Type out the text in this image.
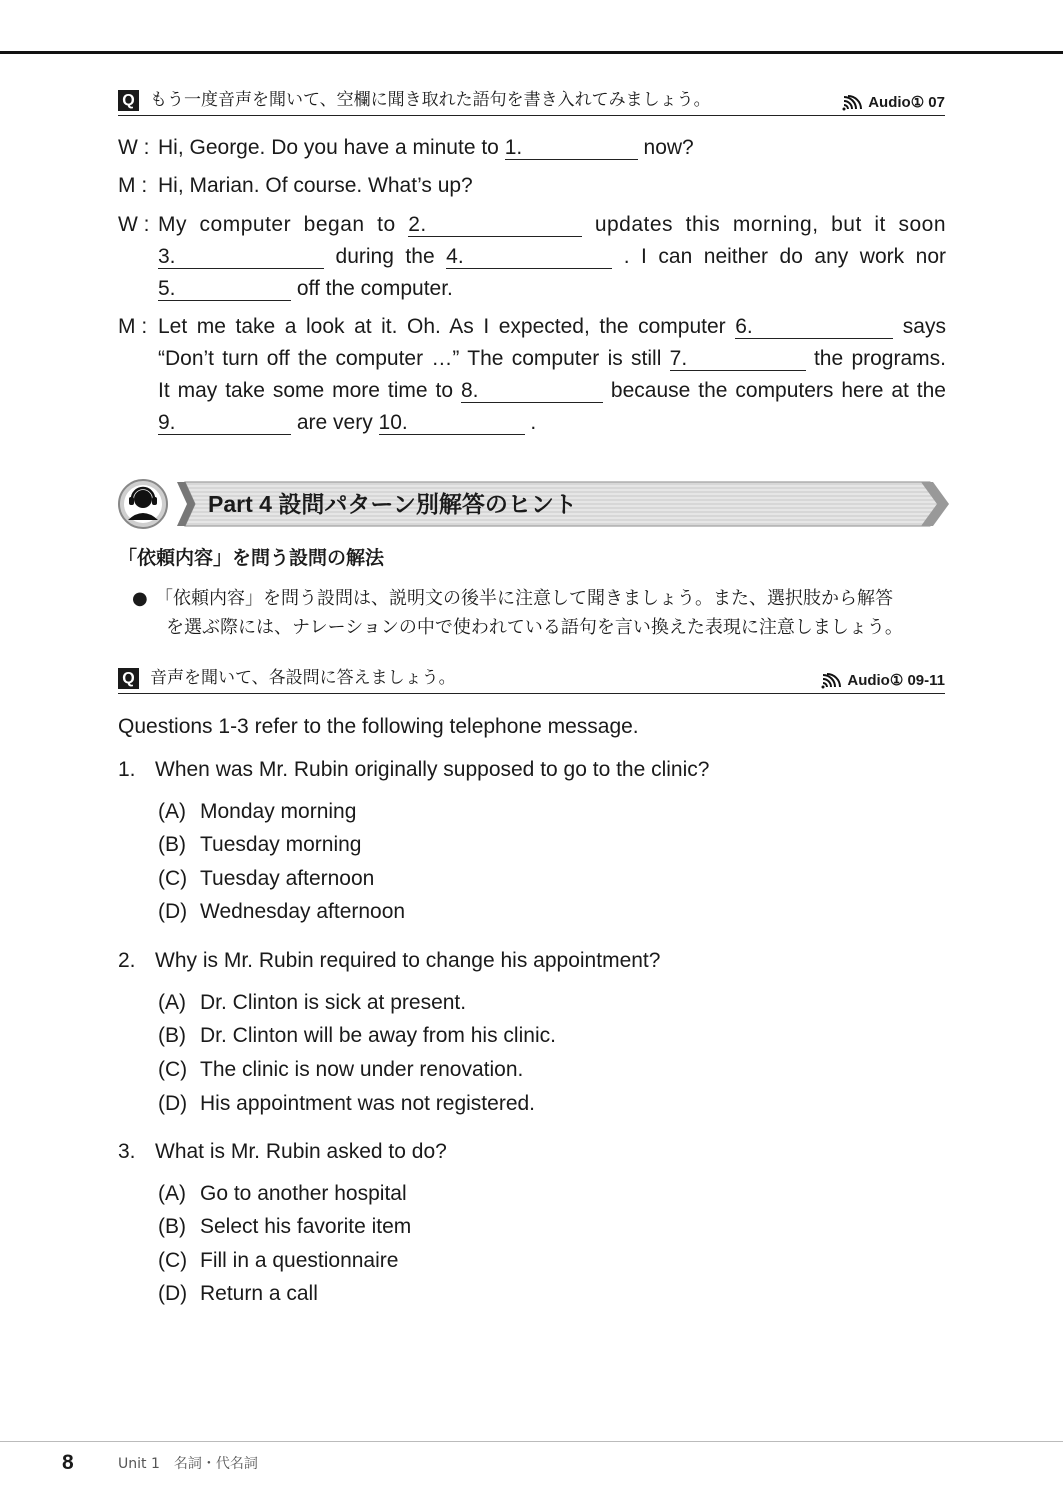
Q もう一度音声を聞いて、空欄に聞き取れた語句を書き入れてみましょう。	Audio① 07
W : Hi, George. Do you have a minute to 1.	now?
M : Hi, Marian. Of course. What’s up?
W : My computer began to 2.	updates this morning, but it soon
3.	during the 4.	. I can neither do any work nor
5.	off the computer.
M : Let me take a look at it. Oh. As I expected, the computer 6.	says
“Don’t turn off the computer …” The computer is still 7.	the programs.
It may take some more time to 8.	because the computers here at the
9.	are very 10.	.
Part 4 設問パターン別解答のヒント
「依頼内容」を問う設問の解法
● 「依頼内容」を問う設問は、説明文の後半に注意して聞きましょう。また、選択肢から解答
を選ぶ際には、ナレーションの中で使われている語句を言い換えた表現に注意しましょう。
Q 音声を聞いて、各設問に答えましょう。	Audio① 09-11
Questions 1-3 refer to the following telephone message.
1. When was Mr. Rubin originally supposed to go to the clinic?
(A) Monday morning
(B) Tuesday morning
(C) Tuesday afternoon
(D) Wednesday afternoon
2. Why is Mr. Rubin required to change his appointment?
(A) Dr. Clinton is sick at present.
(B) Dr. Clinton will be away from his clinic.
(C) The clinic is now under renovation.
(D) His appointment was not registered.
3. What is Mr. Rubin asked to do?
(A) Go to another hospital
(B) Select his favorite item
(C) Fill in a questionnaire
(D) Return a call
8	Unit 1　名詞・代名詞
